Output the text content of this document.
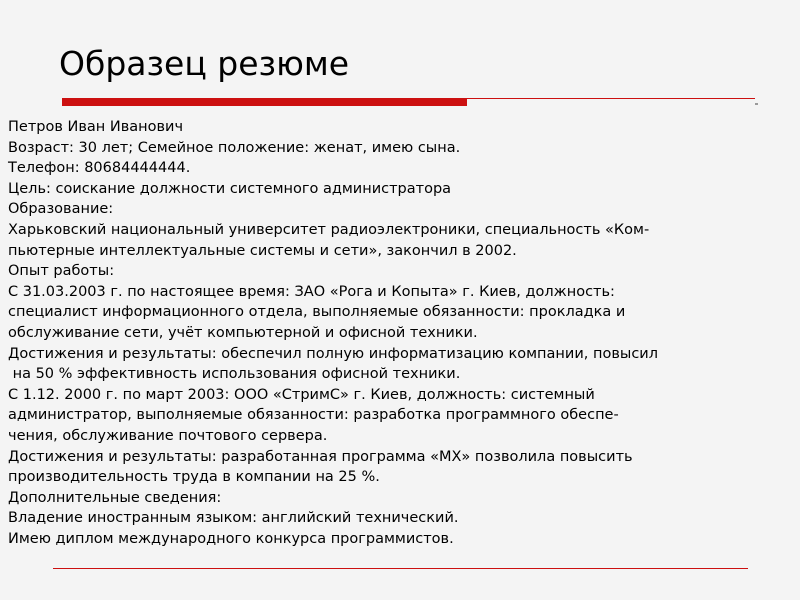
Образец резюме
Петров Иван Иванович
Возраст: 30 лет; Семейное положение: женат, имею сына.
Телефон: 80684444444.
Цель: соискание должности системного администратора
Образование:
Харьковский национальный университет радиоэлектроники, специальность «Ком-
пьютерные интеллектуальные системы и сети», закончил в 2002.
Опыт работы:
С 31.03.2003 г. по настоящее время: ЗАО «Рога и Копыта» г. Киев, должность:
специалист информационного отдела, выполняемые обязанности: прокладка и
обслуживание сети, учёт компьютерной и офисной техники.
Достижения и результаты: обеспечил полную информатизацию компании, повысил
на 50 % эффективность использования офисной техники.
С 1.12. 2000 г. по март 2003: ООО «СтримС» г. Киев, должность: системный
администратор, выполняемые обязанности: разработка программного обеспе-
чения, обслуживание почтового сервера.
Достижения и результаты: разработанная программа «MX» позволила повысить
производительность труда в компании на 25 %.
Дополнительные сведения:
Владение иностранным языком: английский технический.
Имею диплом международного конкурса программистов.
